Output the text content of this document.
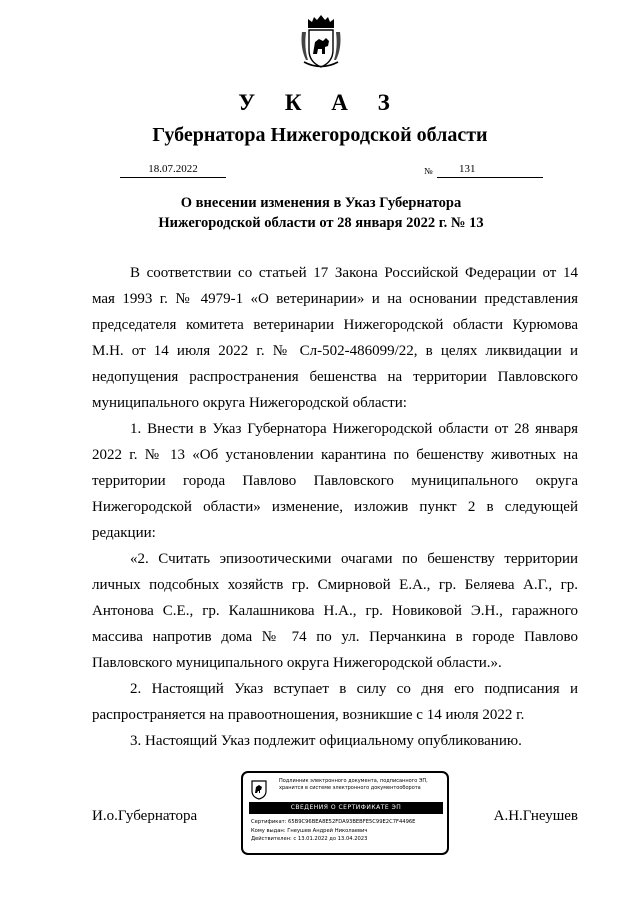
У К А З
Губернатора Нижегородской области
18.07.2022	№	131
О внесении изменения в Указ Губернатора Нижегородской области от 28 января 2022 г. № 13

В соответствии со статьей 17 Закона Российской Федерации от 14 мая 1993 г. № 4979-1 «О ветеринарии» и на основании представления председателя комитета ветеринарии Нижегородской области Курюмова М.Н. от 14 июля 2022 г. № Сл-502-486099/22, в целях ликвидации и недопущения распространения бешенства на территории Павловского муниципального округа Нижегородской области:

1. Внести в Указ Губернатора Нижегородской области от 28 января 2022 г. № 13 «Об установлении карантина по бешенству животных на территории города Павлово Павловского муниципального округа Нижегородской области» изменение, изложив пункт 2 в следующей редакции:

«2. Считать эпизоотическими очагами по бешенству территории личных подсобных хозяйств гр. Смирновой Е.А., гр. Беляева А.Г., гр. Антонова С.Е., гр. Калашникова Н.А., гр. Новиковой Э.Н., гаражного массива напротив дома № 74 по ул. Перчанкина в городе Павлово Павловского муниципального округа Нижегородской области.».

2. Настоящий Указ вступает в силу со дня его подписания и распространяется на правоотношения, возникшие с 14 июля 2022 г.

3. Настоящий Указ подлежит официальному опубликованию.

И.о.Губернатора	А.Н.Гнеушев
Подлинник электронного документа, подписанного ЭП,
хранится в системе электронного документооборота
СВЕДЕНИЯ О СЕРТИФИКАТЕ ЭП
Сертификат: 65B9C96BEA8E52FDA93BEBFE5C99E2C7F4496E
Кому выдан: Гнеушев Андрей Николаевич
Действителен: с 13.01.2022 до 13.04.2023
